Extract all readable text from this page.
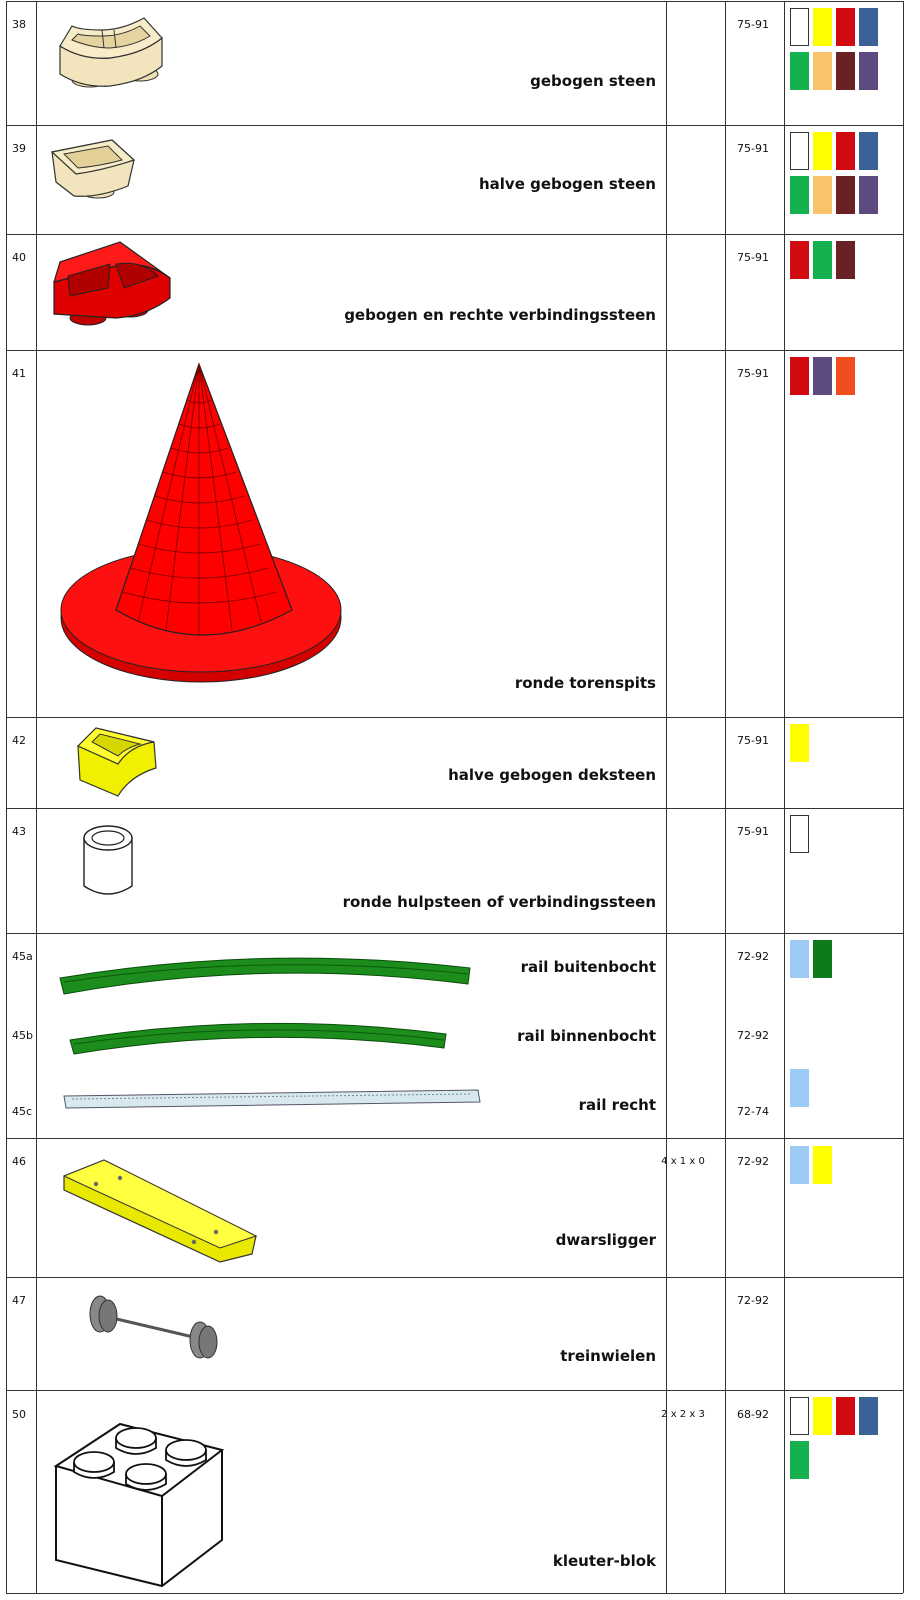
38
39
40
41
42
43
45a
45b
45c
46
47
50
gebogen steen
halve gebogen steen
gebogen en rechte verbindingssteen
ronde torenspits
halve gebogen deksteen
ronde hulpsteen of verbindingssteen
rail buitenbocht
rail binnenbocht
rail recht
dwarsligger
treinwielen
kleuter-blok
4 x 1 x 0
2 x 2 x 3
75-91
75-91
75-91
75-91
75-91
75-91
72-92
72-92
72-74
72-92
72-92
68-92
